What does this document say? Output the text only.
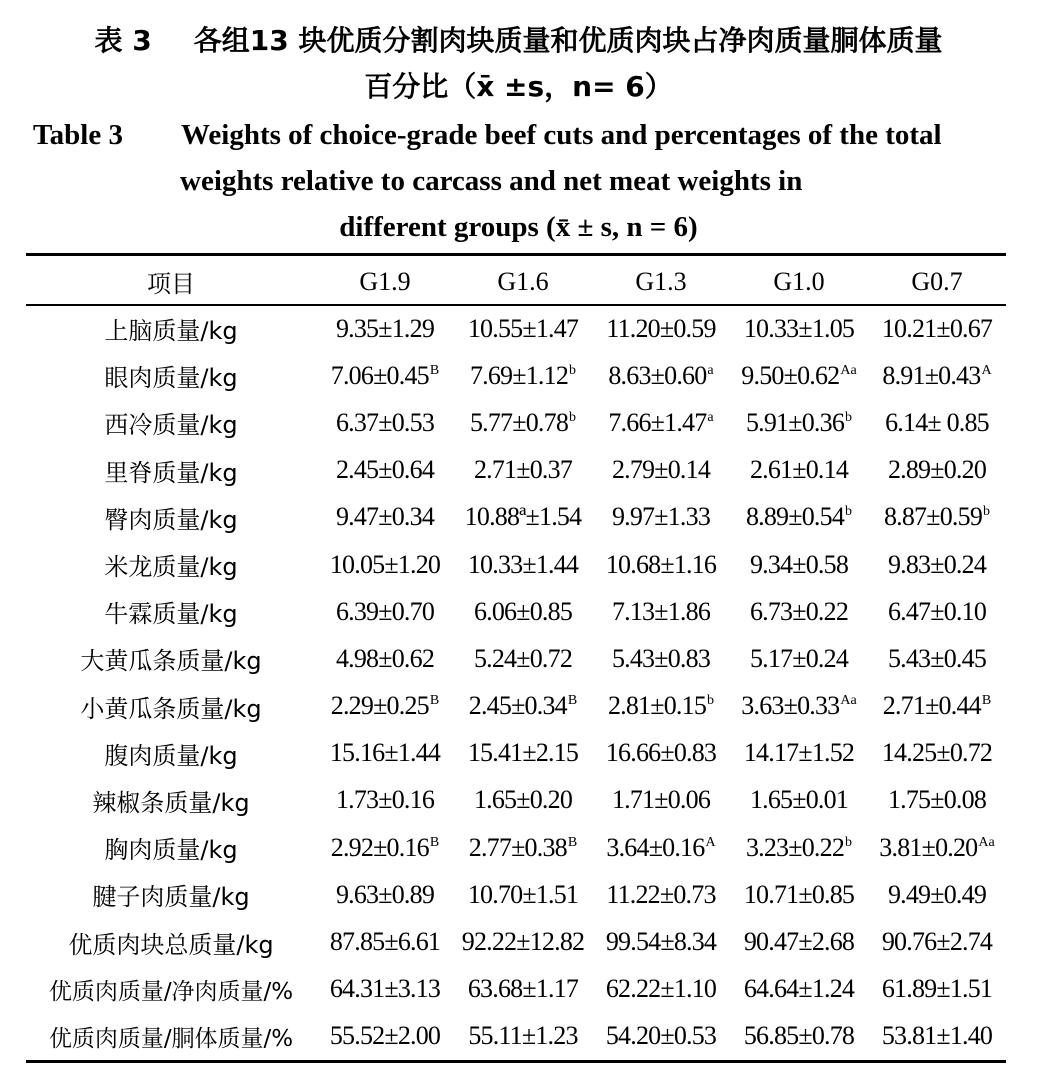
表 3 各组13 块优质分割肉块质量和优质肉块占净肉质量胴体质量
百分比（x̄ ±s，n= 6）
Table 3 Weights of choice-grade beef cuts and percentages of the total
weights relative to carcass and net meat weights in
different groups (x̄ ± s, n = 6)
项目	G1.9	G1.6	G1.3	G1.0	G0.7
上脑质量/kg	9.35±1.29	10.55±1.47	11.20±0.59	10.33±1.05	10.21±0.67
眼肉质量/kg	$7.06\pm 0.45^B$	7.69±1.12$^b$	8.63±0.60$^a$	$9.50\pm 0.62^{Aa}$	$8.91\pm 0.43^A$
西冷质量/kg	6.37±0.53	5.77±0.78$^b$	7.66±1.47$^a$	5.91±0.36$^b$	6.14± 0.85
里脊质量/kg	2.45±0.64	2.71±0.37	2.79±0.14	2.61±0.14	2.89±0.20
臀肉质量/kg	9.47±0.34	10.88ª±1.54	9.97±1.33	8.89±0.54$^b$	8.87±0.59$^b$
米龙质量/kg	10.05±1.20	10.33±1.44	10.68±1.16	9.34±0.58	9.83±0.24
牛霖质量/kg	6.39±0.70	6.06±0.85	7.13±1.86	6.73±0.22	6.47±0.10
大黄瓜条质量/kg	4.98±0.62	5.24±0.72	5.43±0.83	5.17±0.24	5.43±0.45
小黄瓜条质量/kg	$2.29\pm 0.25^B$	$2.45\pm 0.34^B$	2.81±0.15$^b$	$3.63\pm 0.33^{Aa}$	$2.71\pm 0.44^B$
腹肉质量/kg	15.16±1.44	15.41±2.15	16.66±0.83	14.17±1.52	14.25±0.72
辣椒条质量/kg	1.73±0.16	1.65±0.20	1.71±0.06	1.65±0.01	1.75±0.08
胸肉质量/kg	$2.92\pm 0.16^B$	$2.77\pm 0.38^B$	$3.64\pm 0.16^A$	3.23±0.22$^b$	$3.81\pm 0.20^{Aa}$
腱子肉质量/kg	9.63±0.89	10.70±1.51	11.22±0.73	10.71±0.85	9.49±0.49
优质肉块总质量/kg	87.85±6.61	92.22±12.82	99.54±8.34	90.47±2.68	90.76±2.74
优质肉质量/净肉质量/%	64.31±3.13	63.68±1.17	62.22±1.10	64.64±1.24	61.89±1.51
优质肉质量/胴体质量/%	55.52±2.00	55.11±1.23	54.20±0.53	56.85±0.78	53.81±1.40
